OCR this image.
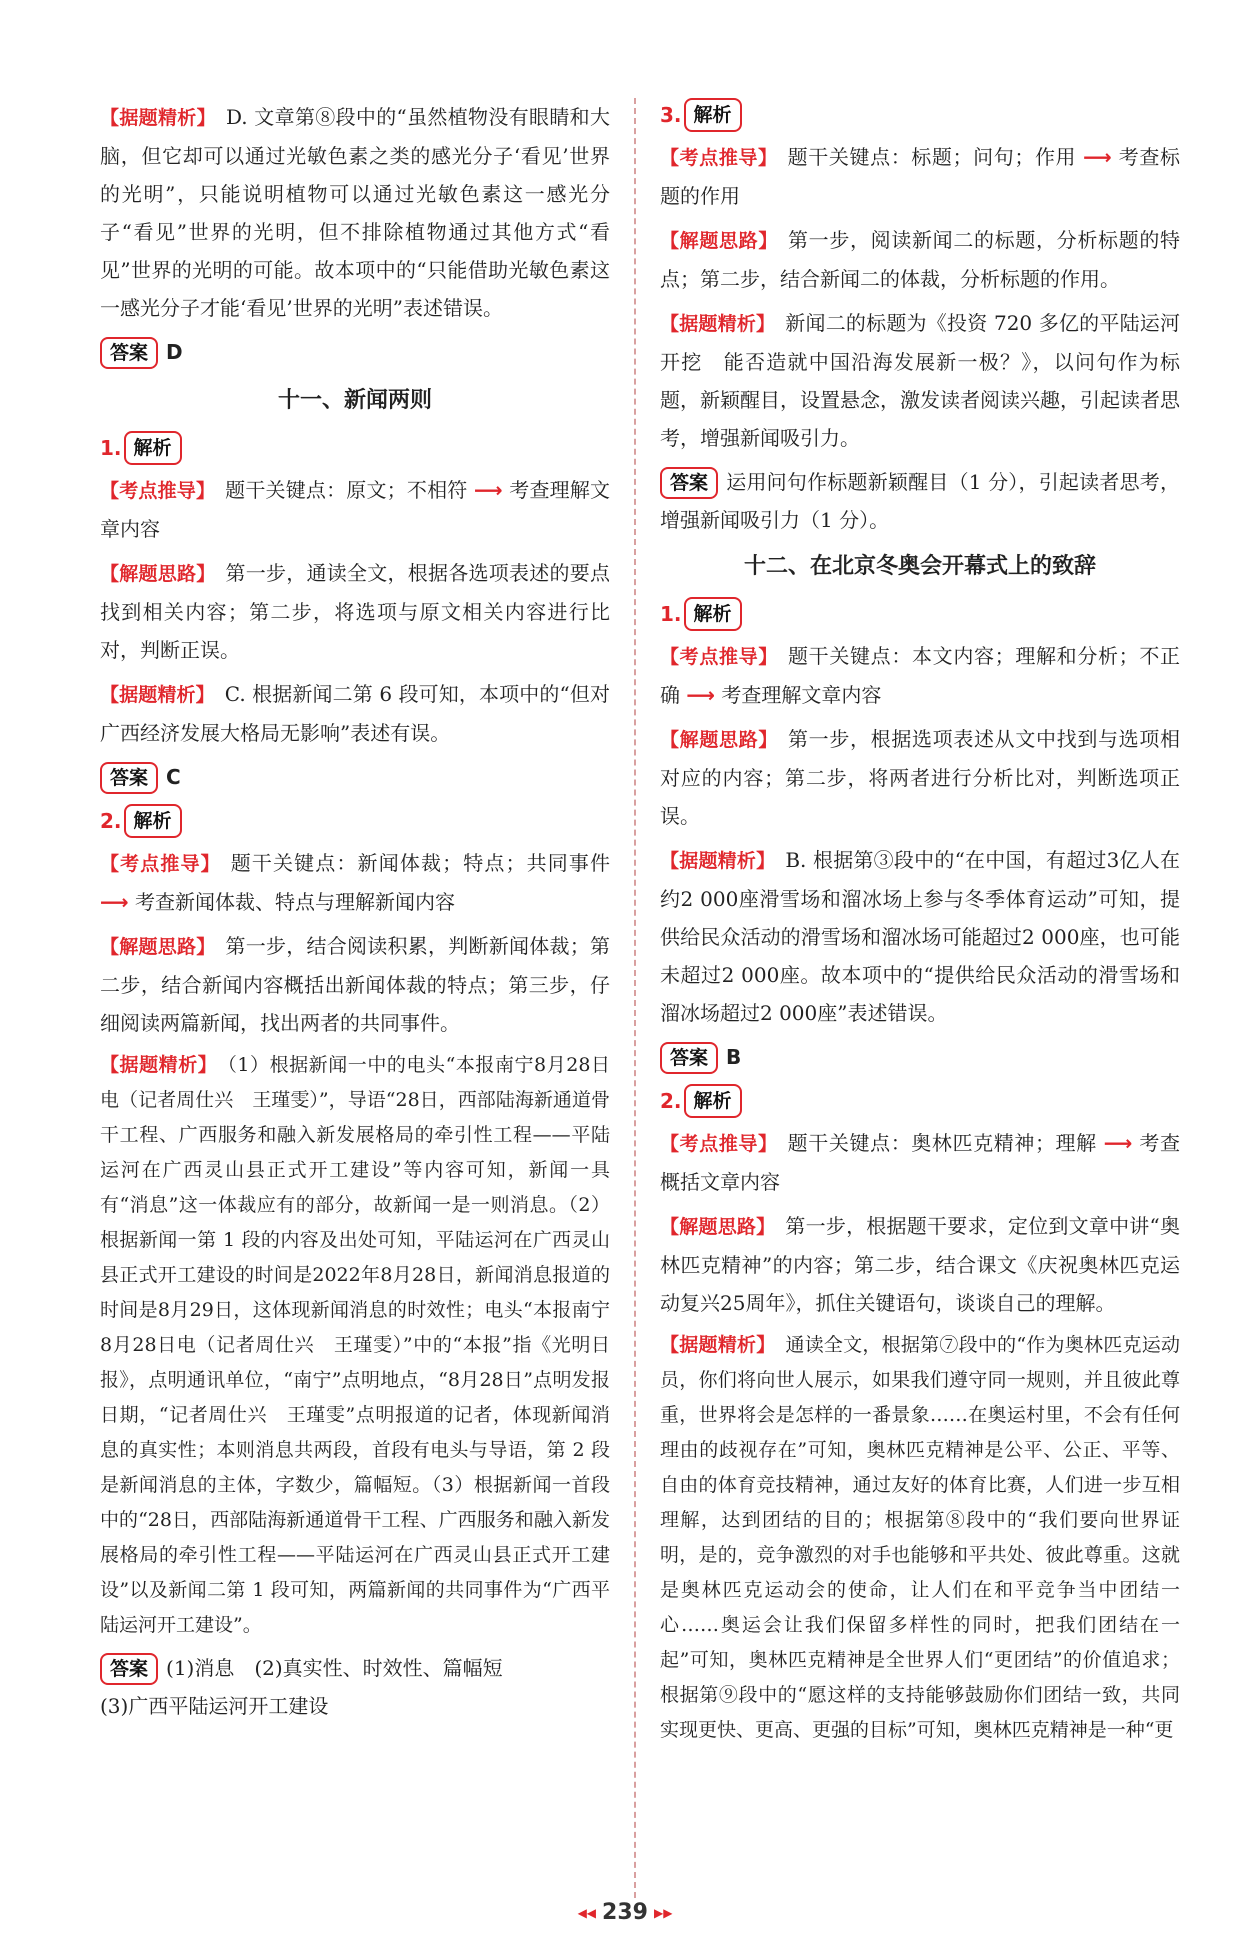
【据题精析】 D. 文章第⑧段中的“虽然植物没有眼睛和大脑，但它却可以通过光敏色素之类的感光分子‘看见’世界的光明”，只能说明植物可以通过光敏色素这一感光分子“看见”世界的光明，但不排除植物通过其他方式“看见”世界的光明的可能。故本项中的“只能借助光敏色素这一感光分子才能‘看见’世界的光明”表述错误。

答案 D
十一、新闻两则
1. 解析

【考点推导】 题干关键点：原文；不相符 ⟶ 考查理解文章内容

【解题思路】 第一步，通读全文，根据各选项表述的要点找到相关内容；第二步，将选项与原文相关内容进行比对，判断正误。

【据题精析】 C. 根据新闻二第 6 段可知，本项中的“但对广西经济发展大格局无影响”表述有误。

答案 C
2. 解析

【考点推导】 题干关键点：新闻体裁；特点；共同事件 ⟶ 考查新闻体裁、特点与理解新闻内容

【解题思路】 第一步，结合阅读积累，判断新闻体裁；第二步，结合新闻内容概括出新闻体裁的特点；第三步，仔细阅读两篇新闻，找出两者的共同事件。

【据题精析】 （1）根据新闻一中的电头“本报南宁8月28日电（记者周仕兴　王瑾雯）”，导语“28日，西部陆海新通道骨干工程、广西服务和融入新发展格局的牵引性工程——平陆运河在广西灵山县正式开工建设”等内容可知，新闻一具有“消息”这一体裁应有的部分，故新闻一是一则消息。（2）根据新闻一第 1 段的内容及出处可知，平陆运河在广西灵山县正式开工建设的时间是2022年8月28日，新闻消息报道的时间是8月29日，这体现新闻消息的时效性；电头“本报南宁8月28日电（记者周仕兴　王瑾雯）”中的“本报”指《光明日报》，点明通讯单位，“南宁”点明地点，“8月28日”点明发报日期，“记者周仕兴　王瑾雯”点明报道的记者，体现新闻消息的真实性；本则消息共两段，首段有电头与导语，第 2 段是新闻消息的主体，字数少，篇幅短。（3）根据新闻一首段中的“28日，西部陆海新通道骨干工程、广西服务和融入新发展格局的牵引性工程——平陆运河在广西灵山县正式开工建设”以及新闻二第 1 段可知，两篇新闻的共同事件为“广西平陆运河开工建设”。

答案 (1)消息　(2)真实性、时效性、篇幅短
(3)广西平陆运河开工建设
3. 解析

【考点推导】 题干关键点：标题；问句；作用 ⟶ 考查标题的作用

【解题思路】 第一步，阅读新闻二的标题，分析标题的特点；第二步，结合新闻二的体裁，分析标题的作用。

【据题精析】 新闻二的标题为《投资 720 多亿的平陆运河开挖　能否造就中国沿海发展新一极？》，以问句作为标题，新颖醒目，设置悬念，激发读者阅读兴趣，引起读者思考，增强新闻吸引力。

答案 运用问句作标题新颖醒目（1 分），引起读者思考，增强新闻吸引力（1 分）。

十二、在北京冬奥会开幕式上的致辞
1. 解析

【考点推导】 题干关键点：本文内容；理解和分析；不正确 ⟶ 考查理解文章内容

【解题思路】 第一步，根据选项表述从文中找到与选项相对应的内容；第二步，将两者进行分析比对，判断选项正误。

【据题精析】 B. 根据第③段中的“在中国，有超过3亿人在约2 000座滑雪场和溜冰场上参与冬季体育运动”可知，提供给民众活动的滑雪场和溜冰场可能超过2 000座，也可能未超过2 000座。故本项中的“提供给民众活动的滑雪场和溜冰场超过2 000座”表述错误。

答案 B
2. 解析

【考点推导】 题干关键点：奥林匹克精神；理解 ⟶ 考查概括文章内容

【解题思路】 第一步，根据题干要求，定位到文章中讲“奥林匹克精神”的内容；第二步，结合课文《庆祝奥林匹克运动复兴25周年》，抓住关键语句，谈谈自己的理解。

【据题精析】 通读全文，根据第⑦段中的“作为奥林匹克运动员，你们将向世人展示，如果我们遵守同一规则，并且彼此尊重，世界将会是怎样的一番景象……在奥运村里，不会有任何理由的歧视存在”可知，奥林匹克精神是公平、公正、平等、自由的体育竞技精神，通过友好的体育比赛，人们进一步互相理解，达到团结的目的；根据第⑧段中的“我们要向世界证明，是的，竞争激烈的对手也能够和平共处、彼此尊重。这就是奥林匹克运动会的使命，让人们在和平竞争当中团结一心……奥运会让我们保留多样性的同时，把我们团结在一起”可知，奥林匹克精神是全世界人们“更团结”的价值追求；根据第⑨段中的“愿这样的支持能够鼓励你们团结一致，共同实现更快、更高、更强的目标”可知，奥林匹克精神是一种“更

◀◀ 239 ▶▶
